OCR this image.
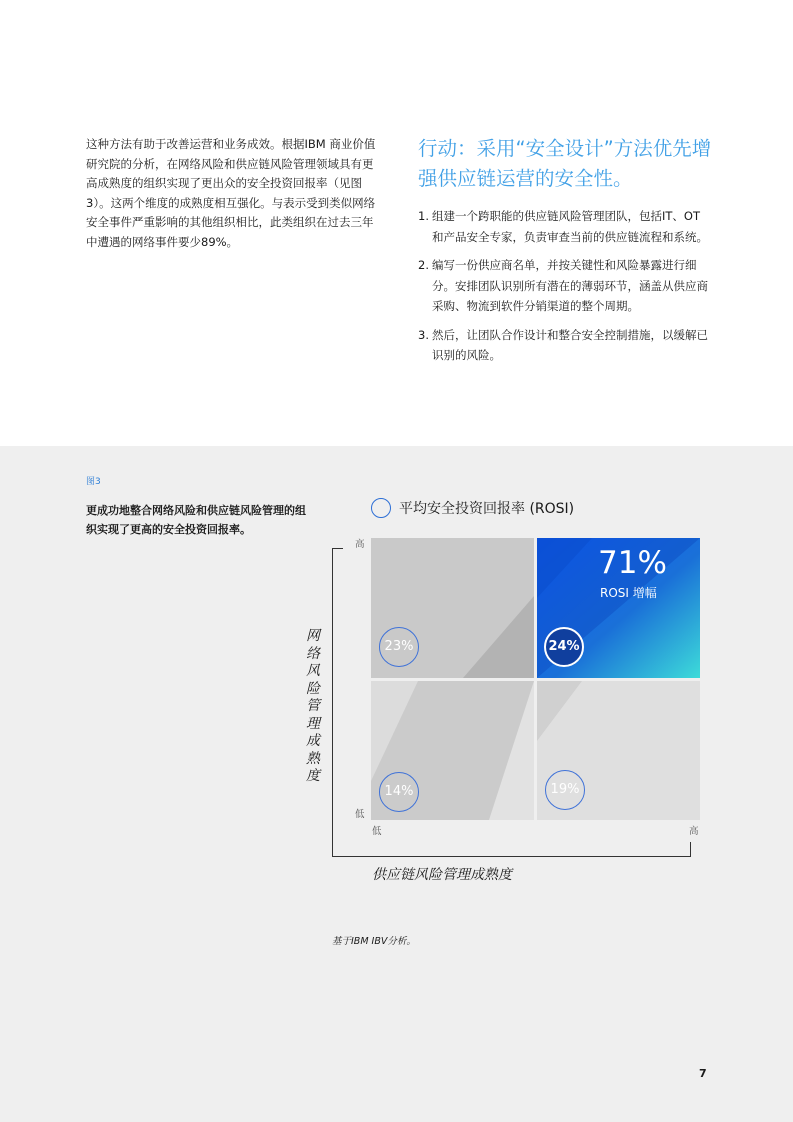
这种方法有助于改善运营和业务成效。根据IBM 商业价值研究院的分析，在网络风险和供应链风险管理领域具有更高成熟度的组织实现了更出众的安全投资回报率（见图3）。这两个维度的成熟度相互强化。与表示受到类似网络安全事件严重影响的其他组织相比，此类组织在过去三年中遭遇的网络事件要少89%。
行动：采用“安全设计”方法优先增强供应链运营的安全性。
1. 组建一个跨职能的供应链风险管理团队，包括IT、OT 和产品安全专家，负责审查当前的供应链流程和系统。
2. 编写一份供应商名单，并按关键性和风险暴露进行细分。安排团队识别所有潜在的薄弱环节，涵盖从供应商采购、物流到软件分销渠道的整个周期。
3. 然后，让团队合作设计和整合安全控制措施，以缓解已识别的风险。
图3
更成功地整合网络风险和供应链风险管理的组织实现了更高的安全投资回报率。
平均安全投资回报率 (ROSI)
高
低
低	高
网络风险管理成熟度
供应链风险管理成熟度
23%	24%
14%	19%
71%
ROSI 增幅
基于IBM IBV分析。
7
